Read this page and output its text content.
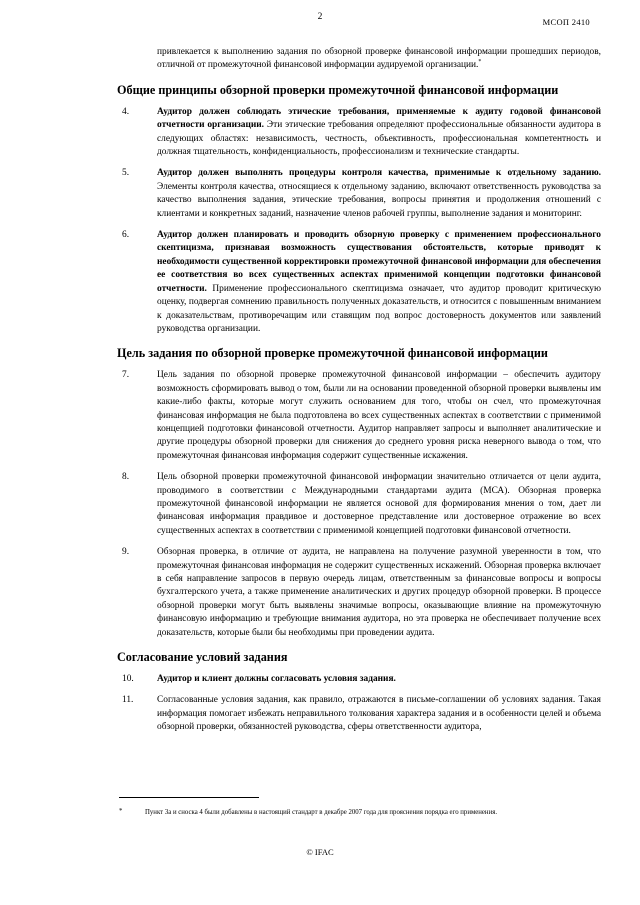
2	МСОП 2410

привлекается к выполнению задания по обзорной проверке финансовой информации прошедших периодов, отличной от промежуточной финансовой информации аудируемой организации.*

Общие принципы обзорной проверки промежуточной финансовой информации

4.	Аудитор должен соблюдать этические требования, применяемые к аудиту годовой финансовой отчетности организации. Эти этические требования определяют профессиональные обязанности аудитора в следующих областях: независимость, честность, объективность, профессиональная компетентность и должная тщательность, конфиденциальность, профессионализм и технические стандарты.

5.	Аудитор должен выполнять процедуры контроля качества, применимые к отдельному заданию. Элементы контроля качества, относящиеся к отдельному заданию, включают ответственность руководства за качество выполнения задания, этические требования, вопросы принятия и продолжения отношений с клиентами и конкретных заданий, назначение членов рабочей группы, выполнение задания и мониторинг.

6.	Аудитор должен планировать и проводить обзорную проверку с применением профессионального скептицизма, признавая возможность существования обстоятельств, которые приводят к необходимости существенной корректировки промежуточной финансовой информации для обеспечения ее соответствия во всех существенных аспектах применимой концепции подготовки финансовой отчетности. Применение профессионального скептицизма означает, что аудитор проводит критическую оценку, подвергая сомнению правильность полученных доказательств, и относится с повышенным вниманием к доказательствам, противоречащим или ставящим под вопрос достоверность документов или заявлений руководства организации.

Цель задания по обзорной проверке промежуточной финансовой информации

7.	Цель задания по обзорной проверке промежуточной финансовой информации – обеспечить аудитору возможность сформировать вывод о том, были ли на основании проведенной обзорной проверки выявлены им какие-либо факты, которые могут служить основанием для того, чтобы он счел, что промежуточная финансовая информация не была подготовлена во всех существенных аспектах в соответствии с применимой концепцией подготовки финансовой отчетности. Аудитор направляет запросы и выполняет аналитические и другие процедуры обзорной проверки для снижения до среднего уровня риска неверного вывода о том, что промежуточная финансовая информация содержит существенные искажения.

8.	Цель обзорной проверки промежуточной финансовой информации значительно отличается от цели аудита, проводимого в соответствии с Международными стандартами аудита (МСА). Обзорная проверка промежуточной финансовой информации не является основой для формирования мнения о том, дает ли финансовая информация правдивое и достоверное представление или достоверное отражение во всех существенных аспектах в соответствии с применимой концепцией подготовки финансовой отчетности.

9.	Обзорная проверка, в отличие от аудита, не направлена на получение разумной уверенности в том, что промежуточная финансовая информация не содержит существенных искажений. Обзорная проверка включает в себя направление запросов в первую очередь лицам, ответственным за финансовые вопросы и вопросы бухгалтерского учета, а также применение аналитических и других процедур обзорной проверки. В процессе обзорной проверки могут быть выявлены значимые вопросы, оказывающие влияние на промежуточную финансовую информацию и требующие внимания аудитора, но эта проверка не обеспечивает получение всех доказательств, которые были бы необходимы при проведении аудита.

Согласование условий задания

10. Аудитор и клиент должны согласовать условия задания.

11.	Согласованные условия задания, как правило, отражаются в письме-соглашении об условиях задания. Такая информация помогает избежать неправильного толкования характера задания и в особенности целей и объема обзорной проверки, обязанностей руководства, сферы ответственности аудитора,

*	Пункт 3а и сноска 4 были добавлены в настоящий стандарт в декабре 2007 года для прояснения порядка его применения.
© IFAC
